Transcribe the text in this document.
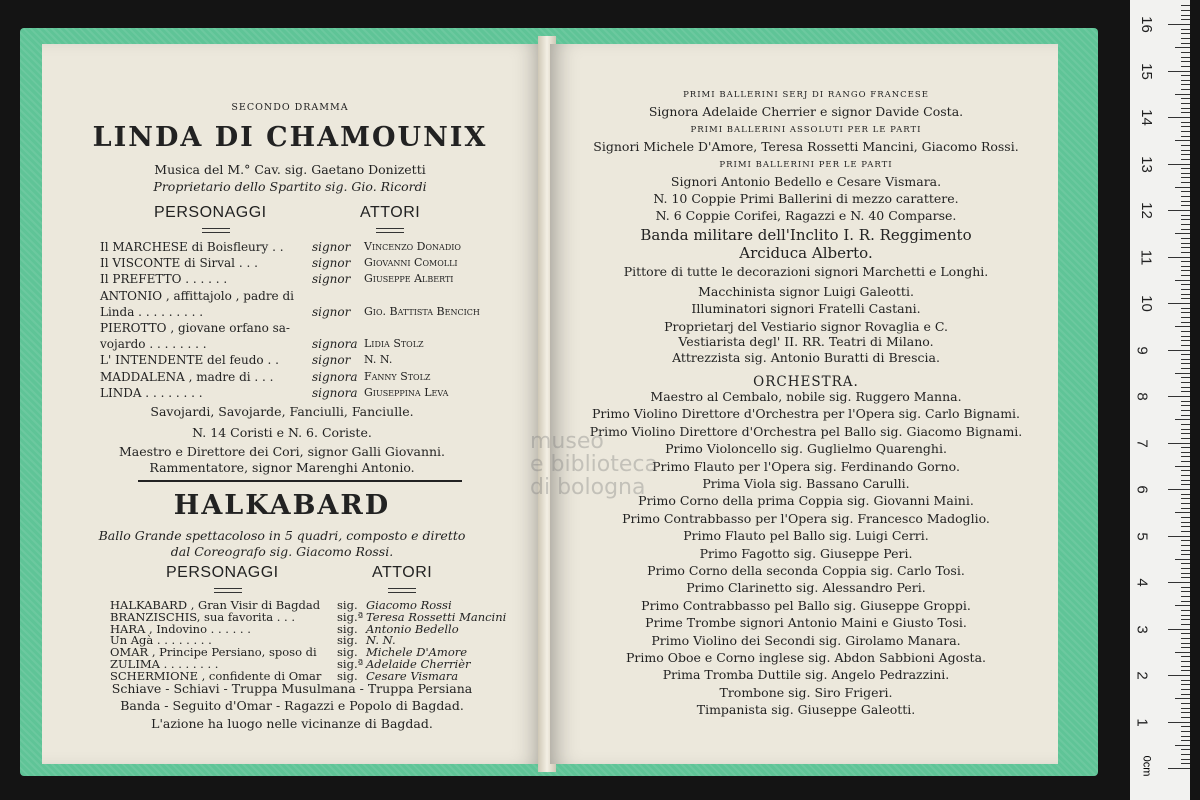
SECONDO DRAMMA
LINDA DI CHAMOUNIX
Musica del M.° Cav. sig. Gaetano Donizetti
Proprietario dello Spartito sig. Gio. Ricordi
PERSONAGGI	ATTORI
Il MARCHESE di Boisfleury . . signor Vincenzo Donadio
Il VISCONTE di Sirval . . .	signor Giovanni Comolli
Il PREFETTO . . . . . .	signor Giuseppe Alberti
ANTONIO , affittajolo , padre di
Linda . . . . . . . . .	signor Gio. Battista Bencich
PIEROTTO , giovane orfano sa-
vojardo . . . . . . . .	signora Lidia Stolz
L' INTENDENTE del feudo . .	signor N. N.
MADDALENA , madre di . . .	signora Fanny Stolz
LINDA . . . . . . . .	signora Giuseppina Leva
Savojardi, Savojarde, Fanciulli, Fanciulle.
N. 14 Coristi e N. 6. Coriste.
Maestro e Direttore dei Cori, signor Galli Giovanni.
Rammentatore, signor Marenghi Antonio.
HALKABARD
Ballo Grande spettacoloso in 5 quadri, composto e diretto
dal Coreografo sig. Giacomo Rossi.
PERSONAGGI	ATTORI
HALKABARD , Gran Visir di Bagdad sig. Giacomo Rossi
BRANZISCHIS, sua favorita . . .	sig.ª Teresa Rossetti Mancini
HARA , Indovino . . . . . .	sig. Antonio Bedello
Un Agà . . . . . . . .	sig. N. N.
OMAR , Principe Persiano, sposo di sig. Michele D'Amore
ZULIMA . . . . . . . .	sig.ª Adelaide Cherrièr
SCHERMIONE , confidente di Omar sig. Cesare Vismara
Schiave - Schiavi - Truppa Musulmana - Truppa Persiana
Banda - Seguito d'Omar - Ragazzi e Popolo di Bagdad.
L'azione ha luogo nelle vicinanze di Bagdad.
PRIMI BALLERINI SERJ DI RANGO FRANCESE
Signora Adelaide Cherrier e signor Davide Costa.
PRIMI BALLERINI ASSOLUTI PER LE PARTI
Signori Michele D'Amore, Teresa Rossetti Mancini, Giacomo Rossi.
PRIMI BALLERINI PER LE PARTI
Signori Antonio Bedello e Cesare Vismara.
N. 10 Coppie Primi Ballerini di mezzo carattere.
N. 6 Coppie Corifei, Ragazzi e N. 40 Comparse.
Banda militare dell'Inclito I. R. Reggimento
Arciduca Alberto.
Pittore di tutte le decorazioni signori Marchetti e Longhi.
Macchinista signor Luigi Galeotti.
Illuminatori signori Fratelli Castani.
Proprietarj del Vestiario signor Rovaglia e C.
Vestiarista degl' II. RR. Teatri di Milano.
Attrezzista sig. Antonio Buratti di Brescia.
ORCHESTRA.
Maestro al Cembalo, nobile sig. Ruggero Manna.
Primo Violino Direttore d'Orchestra per l'Opera sig. Carlo Bignami.
Primo Violino Direttore d'Orchestra pel Ballo sig. Giacomo Bignami.
Primo Violoncello sig. Guglielmo Quarenghi.
Primo Flauto per l'Opera sig. Ferdinando Gorno.
Prima Viola sig. Bassano Carulli.
Primo Corno della prima Coppia sig. Giovanni Maini.
Primo Contrabbasso per l'Opera sig. Francesco Madoglio.
Primo Flauto pel Ballo sig. Luigi Cerri.
Primo Fagotto sig. Giuseppe Peri.
Primo Corno della seconda Coppia sig. Carlo Tosi.
Primo Clarinetto sig. Alessandro Peri.
Primo Contrabbasso pel Ballo sig. Giuseppe Groppi.
Prime Trombe signori Antonio Maini e Giusto Tosi.
Primo Violino dei Secondi sig. Girolamo Manara.
Primo Oboe e Corno inglese sig. Abdon Sabbioni Agosta.
Prima Tromba Duttile sig. Angelo Pedrazzini.
Trombone sig. Siro Frigeri.
Timpanista sig. Giuseppe Galeotti.
museo
e biblioteca
di bologna
0cm
1
2
3
4
5
6
7
8
9
10
11
12
13
14
15
16
